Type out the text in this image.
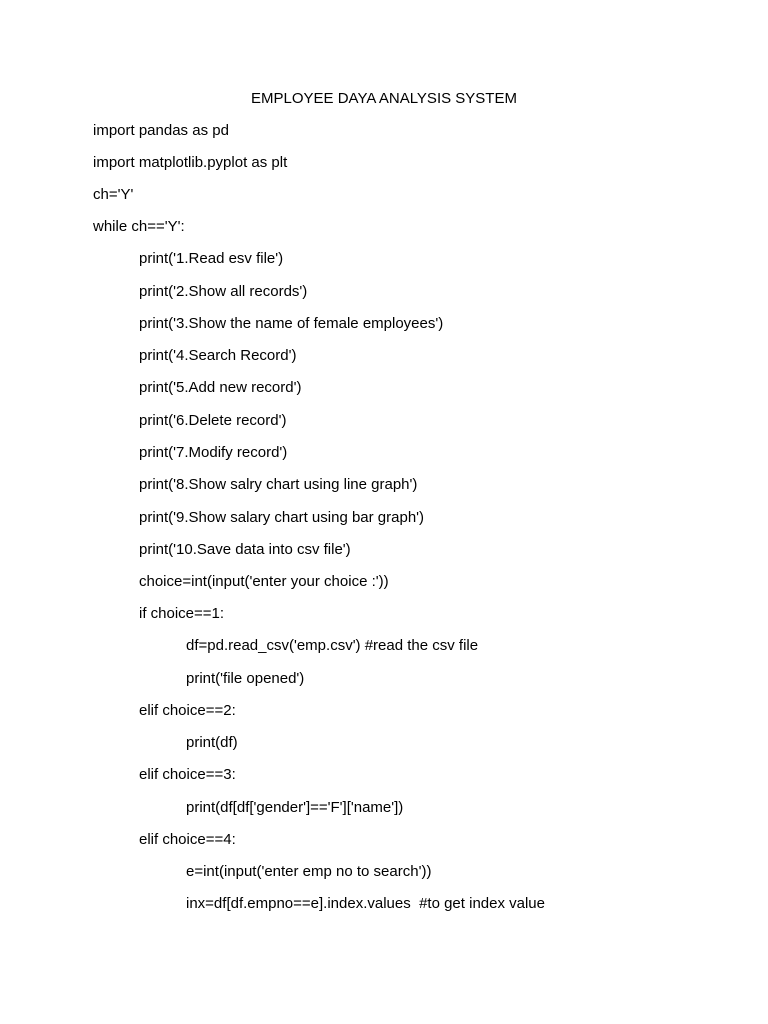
EMPLOYEE DAYA ANALYSIS SYSTEM
import pandas as pd
import matplotlib.pyplot as plt
ch='Y'
while ch=='Y':
print('1.Read esv file')
print('2.Show all records')
print('3.Show the name of female employees')
print('4.Search Record')
print('5.Add new record')
print('6.Delete record')
print('7.Modify record')
print('8.Show salry chart using line graph')
print('9.Show salary chart using bar graph')
print('10.Save data into csv file')
choice=int(input('enter your choice :'))
if choice==1:
df=pd.read_csv('emp.csv') #read the csv file
print('file opened')
elif choice==2:
print(df)
elif choice==3:
print(df[df['gender']=='F']['name'])
elif choice==4:
e=int(input('enter emp no to search'))
inx=df[df.empno==e].index.values  #to get index value
